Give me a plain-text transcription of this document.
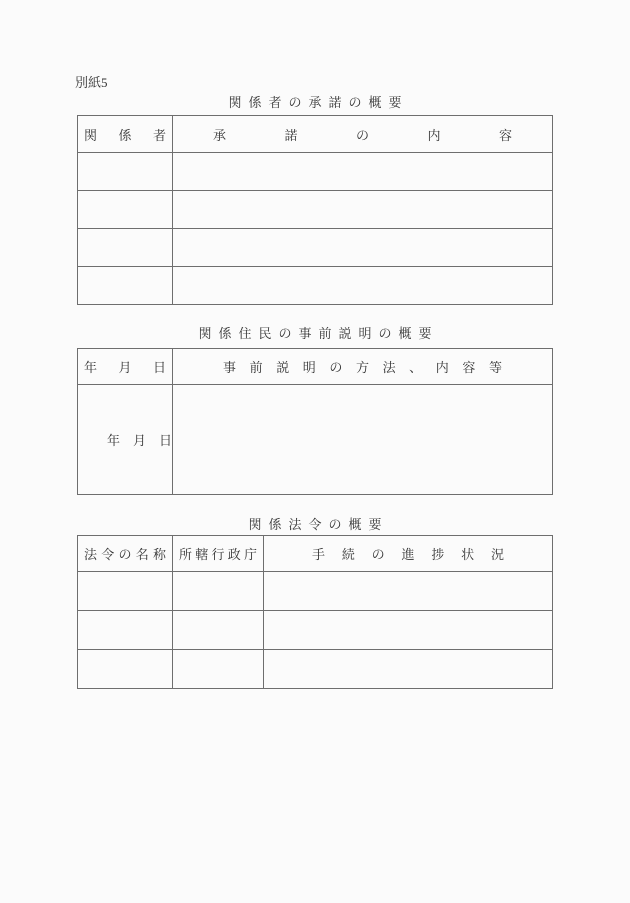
別紙5
関係者の承諾の概要
関 係 者	承 諾 の 内 容

関係住民の事前説明の概要
年 月 日	事 前 説 明 の 方 法 、 内 容 等

年　月　日	
関係法令の概要
法 令 の 名 称	所 轄 行 政 庁	手 続 の 進 捗 状 況
